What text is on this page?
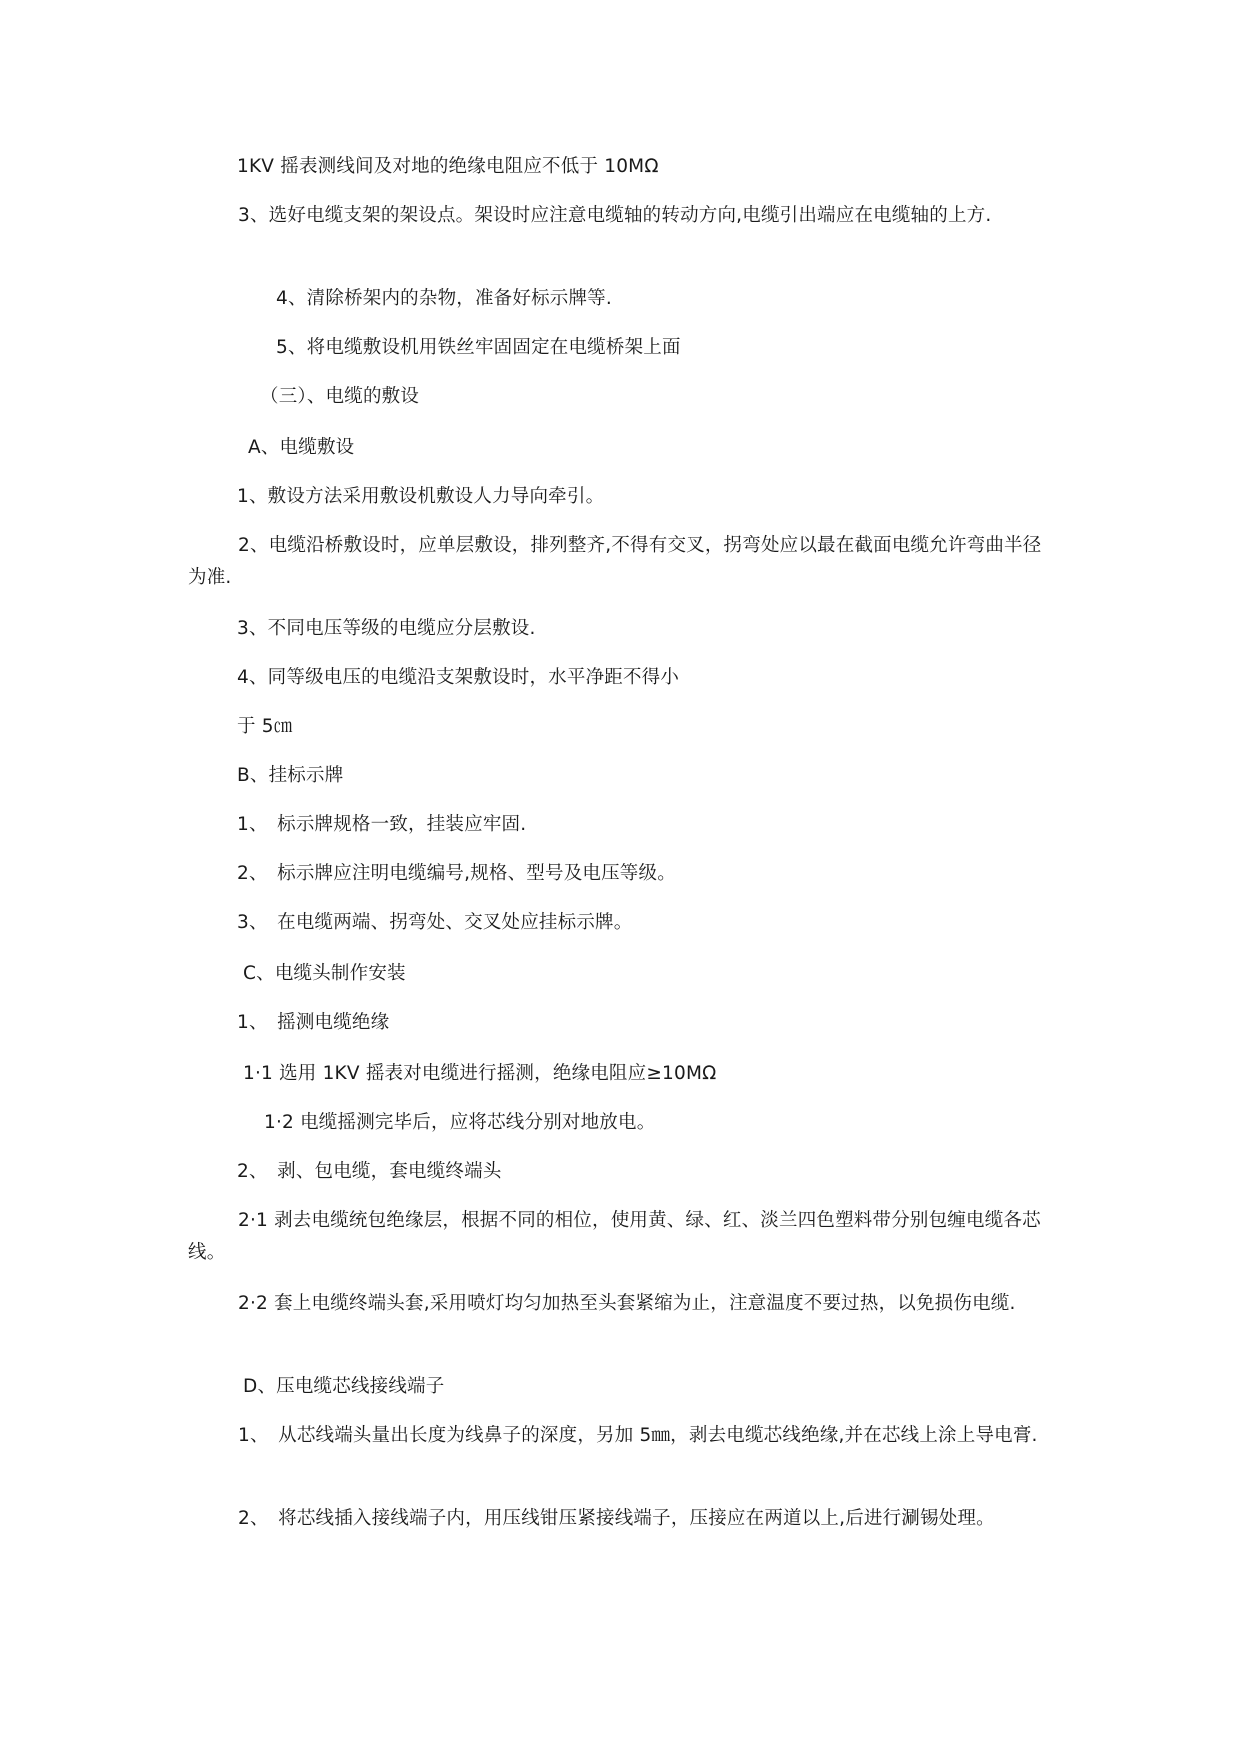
1KV 摇表测线间及对地的绝缘电阻应不低于 10MΩ
3、选好电缆支架的架设点。架设时应注意电缆轴的转动方向,电缆引出端应在电缆轴的上方.
4、清除桥架内的杂物，准备好标示牌等.
5、将电缆敷设机用铁丝牢固固定在电缆桥架上面
（三）、电缆的敷设
A、电缆敷设
1、敷设方法采用敷设机敷设人力导向牵引。
2、电缆沿桥敷设时，应单层敷设，排列整齐,不得有交叉，拐弯处应以最在截面电缆允许弯曲半径为准.
3、不同电压等级的电缆应分层敷设.
4、同等级电压的电缆沿支架敷设时，水平净距不得小
于 5㎝
B、挂标示牌
1、　标示牌规格一致，挂装应牢固.
2、　标示牌应注明电缆编号,规格、型号及电压等级。
3、　在电缆两端、拐弯处、交叉处应挂标示牌。
C、电缆头制作安装
1、　摇测电缆绝缘
1·1 选用 1KV 摇表对电缆进行摇测，绝缘电阻应≥10MΩ
1·2 电缆摇测完毕后，应将芯线分别对地放电。
2、　剥、包电缆，套电缆终端头
2·1 剥去电缆统包绝缘层，根据不同的相位，使用黄、绿、红、淡兰四色塑料带分别包缠电缆各芯线。
2·2 套上电缆终端头套,采用喷灯均匀加热至头套紧缩为止，注意温度不要过热，以免损伤电缆.
D、压电缆芯线接线端子
1、　从芯线端头量出长度为线鼻子的深度，另加 5㎜，剥去电缆芯线绝缘,并在芯线上涂上导电膏.
2、　将芯线插入接线端子内，用压线钳压紧接线端子，压接应在两道以上,后进行涮锡处理。
